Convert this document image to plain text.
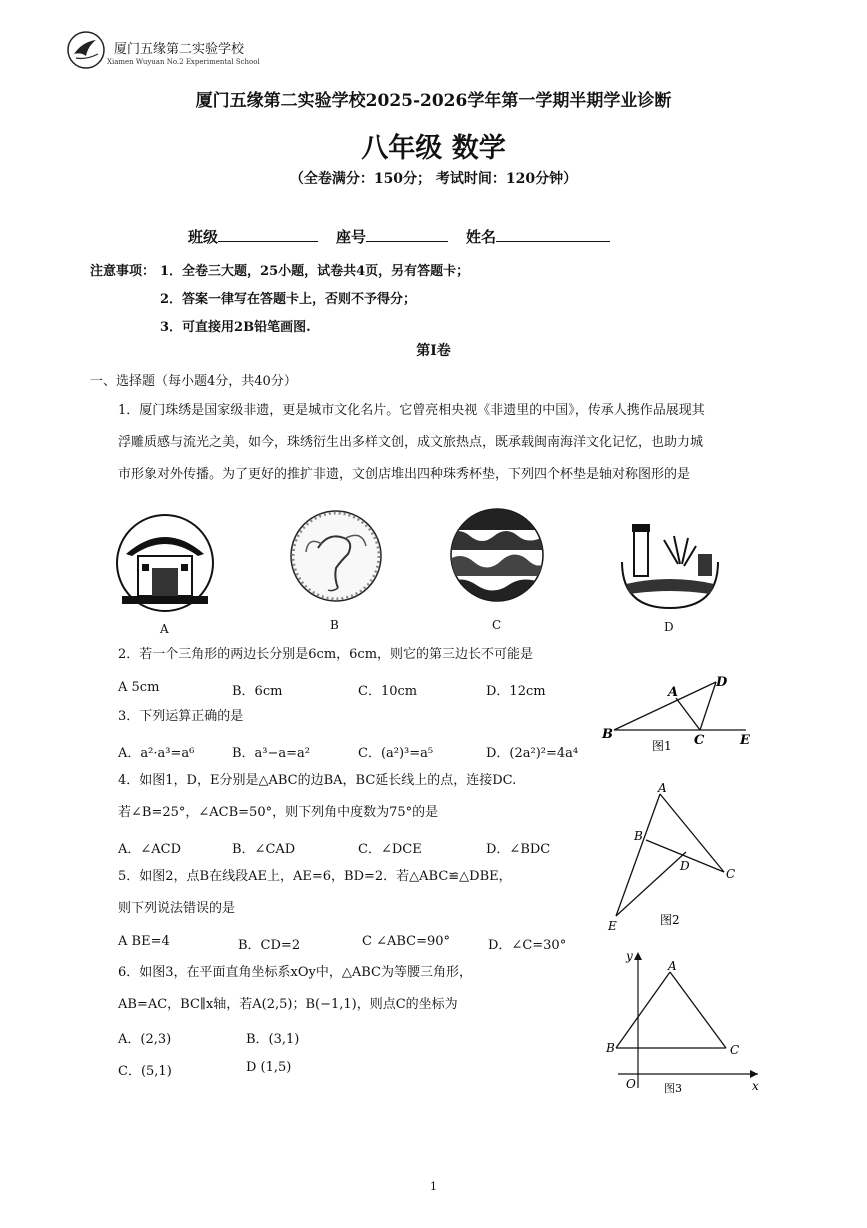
厦门五缘第二实验学校
Xiamen Wuyuan No.2 Experimental School
厦门五缘第二实验学校2025-2026学年第一学期半期学业诊断
八年级 数学
（全卷满分：150分； 考试时间：120分钟）
班级	座号	姓名
注意事项： 1．全卷三大题，25小题，试卷共4页，另有答题卡；
2．答案一律写在答题卡上，否则不予得分；
3．可直接用2B铅笔画图.
第Ⅰ卷
一、选择题（每小题4分，共40分）
1．厦门珠绣是国家级非遗，更是城市文化名片。它曾亮相央视《非遗里的中国》，传承人携作品展现其
浮雕质感与流光之美，如今，珠绣衍生出多样文创，成文旅热点，既承载闽南海洋文化记忆，也助力城
市形象对外传播。为了更好的推扩非遗，文创店堆出四种珠秀杯垫，下列四个杯垫是轴对称图形的是
A	B	C	D
2．若一个三角形的两边长分别是6cm，6cm，则它的第三边长不可能是
A 5cm	B．6cm	C．10cm	D．12cm
3．下列运算正确的是
A．a²·a³=a⁶	B．a³−a=a²	C．(a²)³=a⁵	D．(2a²)²=4a⁴
4．如图1，D，E分别是△ABC的边BA，BC延长线上的点，连接DC.
若∠B=25°，∠ACB=50°，则下列角中度数为75°的是
A．∠ACD	B．∠CAD	C．∠DCE	D．∠BDC
5．如图2，点B在线段AE上，AE=6，BD=2．若△ABC≌△DBE，
则下列说法错误的是
A BE=4	B．CD=2	C ∠ABC=90°	D．∠C=30°
6．如图3，在平面直角坐标系xOy中，△ABC为等腰三角形，
AB=AC，BC∥x轴，若A(2,5)；B(−1,1)，则点C的坐标为
A．(2,3)	B．(3,1)
C．(5,1)	D (1,5)
A
D
B	C	E
图1
A
B
D
C
E	图2
y
A
B	C
O	x
图3
1
